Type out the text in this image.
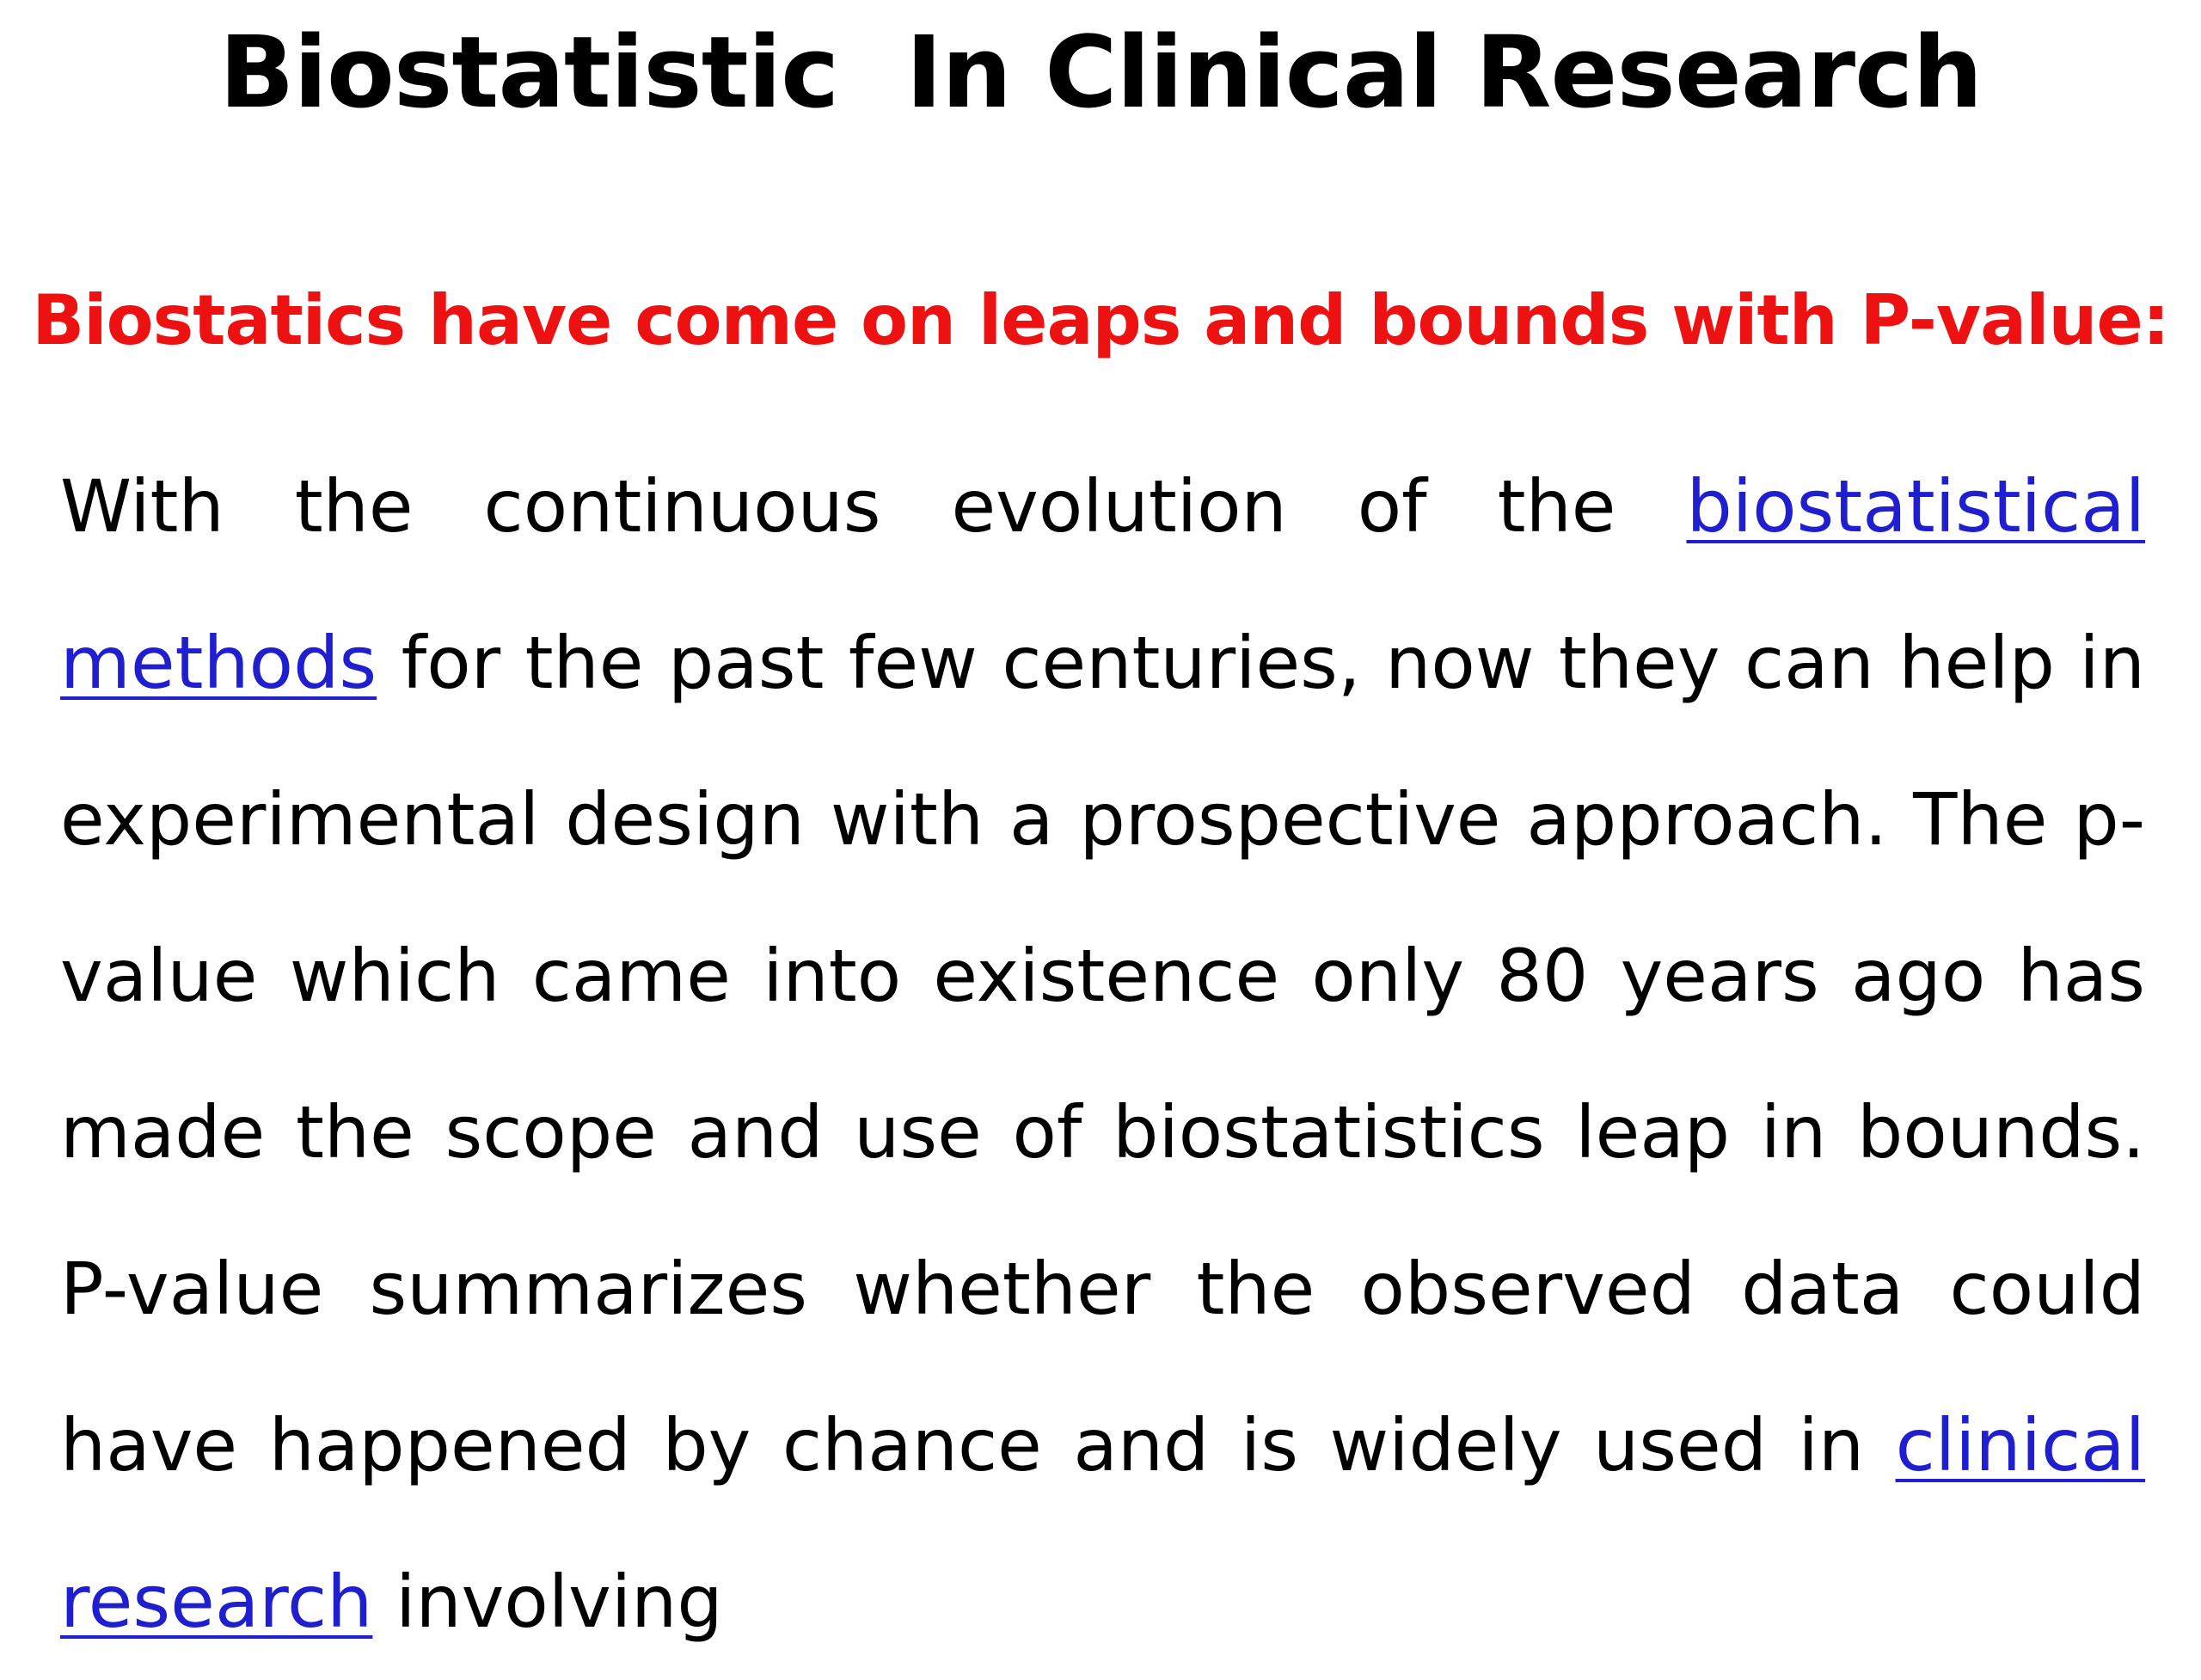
Biostatistic  In Clinical Research
Biostatics have come on leaps and bounds with P-value:

With the continuous evolution of the biostatistical methods for the past few centuries, now they can help in experimental design with a prospective approach. The p-value which came into existence only 80 years ago has made the scope and use of biostatistics leap in bounds. P-value summarizes whether the observed data could have happened by chance and is widely used in clinical research involving
